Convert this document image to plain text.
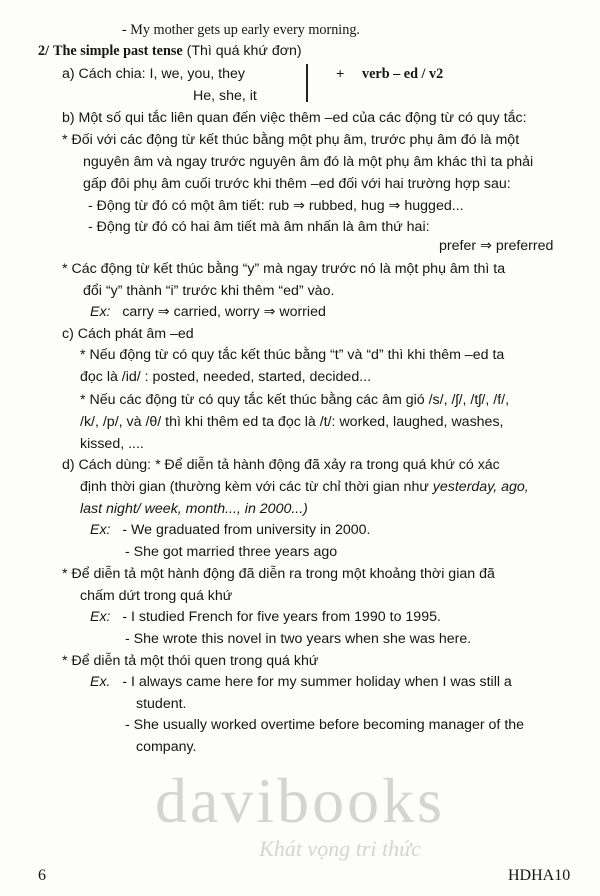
davibooks
Khát vọng tri thức
- My mother gets up early every morning.
2/ The simple past tense (Thì quá khứ đơn)
a) Cách chia: I, we, you, they	+ verb – ed / v2
He, she, it
b) Một số qui tắc liên quan đến việc thêm –ed của các động từ có quy tắc:
* Đối với các động từ kết thúc bằng một phụ âm, trước phụ âm đó là một
nguyên âm và ngay trước nguyên âm đó là một phụ âm khác thì ta phải
gấp đôi phụ âm cuối trước khi thêm –ed đối với hai trường hợp sau:
- Động từ đó có một âm tiết: rub ⇒ rubbed, hug ⇒ hugged...
- Động từ đó có hai âm tiết mà âm nhấn là âm thứ hai:
prefer ⇒ preferred
* Các động từ kết thúc bằng “y” mà ngay trước nó là một phụ âm thì ta
đổi “y” thành “i” trước khi thêm “ed” vào.
Ex: carry ⇒ carried, worry ⇒ worried
c) Cách phát âm –ed
* Nếu động từ có quy tắc kết thúc bằng “t” và “d” thì khi thêm –ed ta
đọc là /id/ : posted, needed, started, decided...
* Nếu các động từ có quy tắc kết thúc bằng các âm gió /s/, /ʃ/, /tʃ/, /f/,
/k/, /p/, và /θ/ thì khi thêm ed ta đọc là /t/: worked, laughed, washes,
kissed, ....
d) Cách dùng: * Để diễn tả hành động đã xảy ra trong quá khứ có xác
định thời gian (thường kèm với các từ chỉ thời gian như yesterday, ago,
last night/ week, month..., in 2000...)
Ex: - We graduated from university in 2000.
- She got married three years ago
* Để diễn tả một hành động đã diễn ra trong một khoảng thời gian đã
chấm dứt trong quá khứ
Ex: - I studied French for five years from 1990 to 1995.
- She wrote this novel in two years when she was here.
* Để diễn tả một thói quen trong quá khứ
Ex. - I always came here for my summer holiday when I was still a
student.
- She usually worked overtime before becoming manager of the
company.
6	HDHA10
